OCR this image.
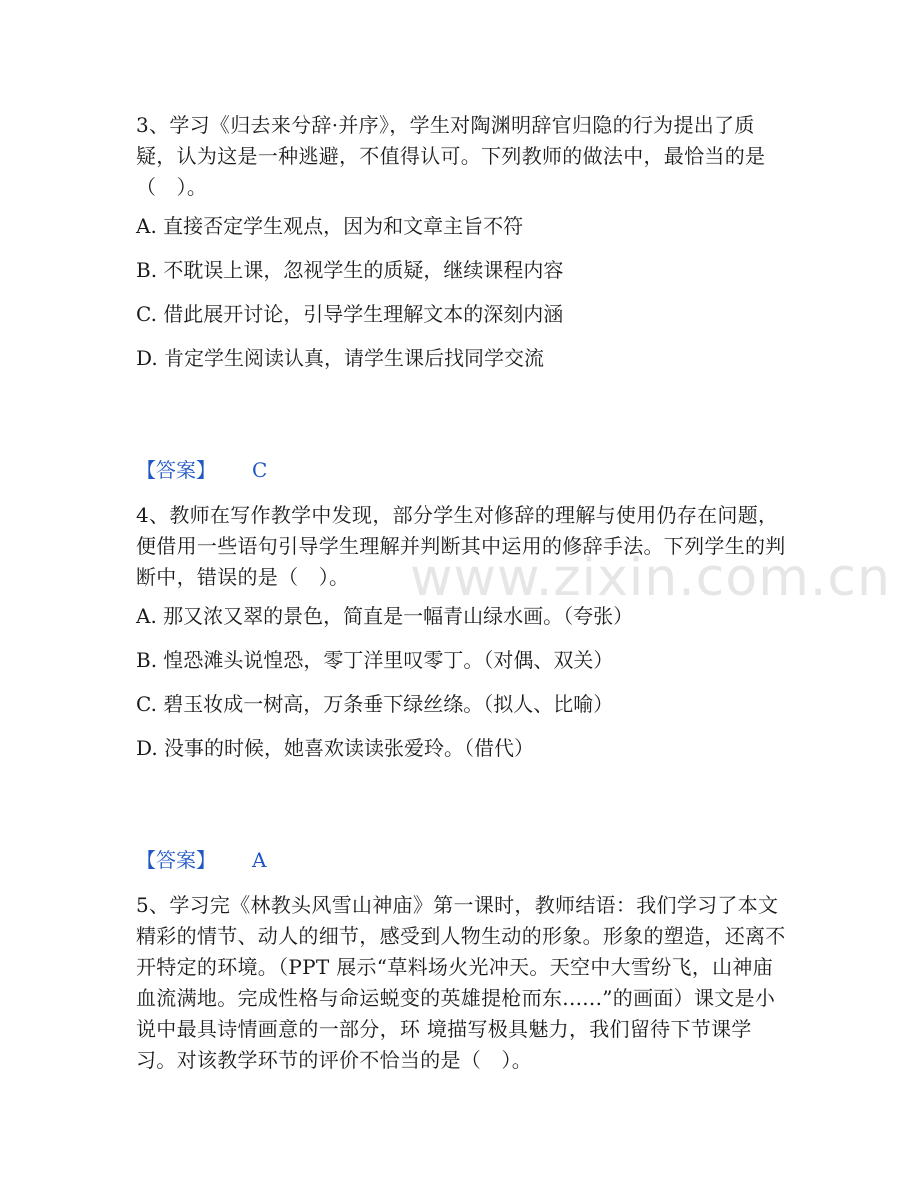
www.zixin.com.cn

3、学习《归去来兮辞·并序》，学生对陶渊明辞官归隐的行为提出了质疑，认为这是一种逃避，不值得认可。下列教师的做法中，最恰当的是（　）。

A. 直接否定学生观点，因为和文章主旨不符

B. 不耽误上课，忽视学生的质疑，继续课程内容

C. 借此展开讨论，引导学生理解文本的深刻内涵

D. 肯定学生阅读认真，请学生课后找同学交流

【答案】 C

4、教师在写作教学中发现，部分学生对修辞的理解与使用仍存在问题，便借用一些语句引导学生理解并判断其中运用的修辞手法。下列学生的判断中，错误的是（　）。

A. 那又浓又翠的景色，简直是一幅青山绿水画。（夸张）

B. 惶恐滩头说惶恐，零丁洋里叹零丁。（对偶、双关）

C. 碧玉妆成一树高，万条垂下绿丝绦。（拟人、比喻）

D. 没事的时候，她喜欢读读张爱玲。（借代）

【答案】 A

5、学习完《林教头风雪山神庙》第一课时，教师结语：我们学习了本文精彩的情节、动人的细节，感受到人物生动的形象。形象的塑造，还离不开特定的环境。（PPT 展示“草料场火光冲天。天空中大雪纷飞，山神庙血流满地。完成性格与命运蜕变的英雄提枪而东......”的画面）课文是小说中最具诗情画意的一部分，环 境描写极具魅力，我们留待下节课学习。对该教学环节的评价不恰当的是（　）。
